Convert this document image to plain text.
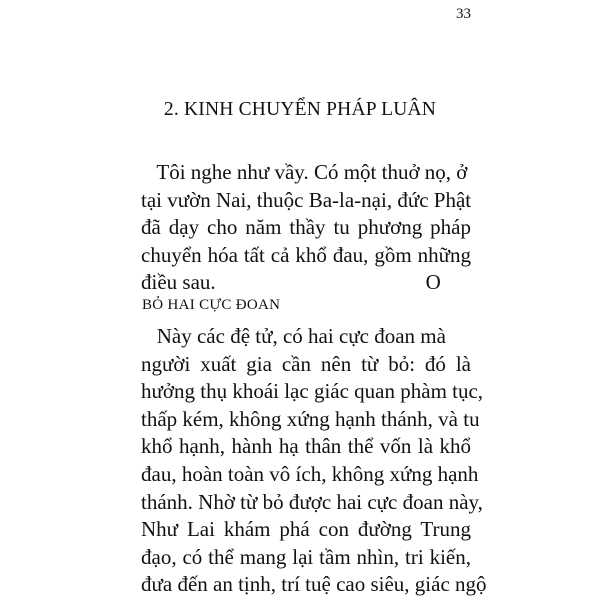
33
2. KINH CHUYỂN PHÁP LUÂN
Tôi nghe như vầy. Có một thuở nọ, ở
tại vườn Nai, thuộc Ba-la-nại, đức Phật
đã dạy cho năm thầy tu phương pháp
chuyển hóa tất cả khổ đau, gồm những
điều sau.                                        O
BỎ HAI CỰC ĐOAN
Này các đệ tử, có hai cực đoan mà
người xuất gia cần nên từ bỏ: đó là
hưởng thụ khoái lạc giác quan phàm tục,
thấp kém, không xứng hạnh thánh, và tu
khổ hạnh, hành hạ thân thể vốn là khổ
đau, hoàn toàn vô ích, không xứng hạnh
thánh. Nhờ từ bỏ được hai cực đoan này,
Như Lai khám phá con đường Trung
đạo, có thể mang lại tầm nhìn, tri kiến,
đưa đến an tịnh, trí tuệ cao siêu, giác ngộ
